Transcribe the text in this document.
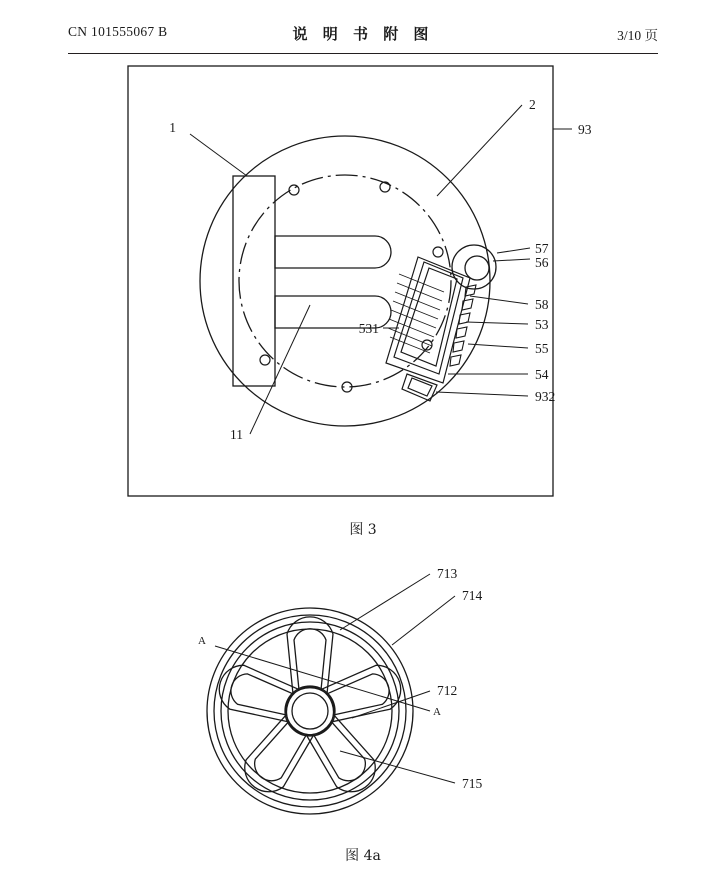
CN 101555067 B	说 明 书 附 图	3/10 页
1
2
93
57
56
58
53
55
54
932
531
11
图 3
713
714
712
715
A
A
图 4a
